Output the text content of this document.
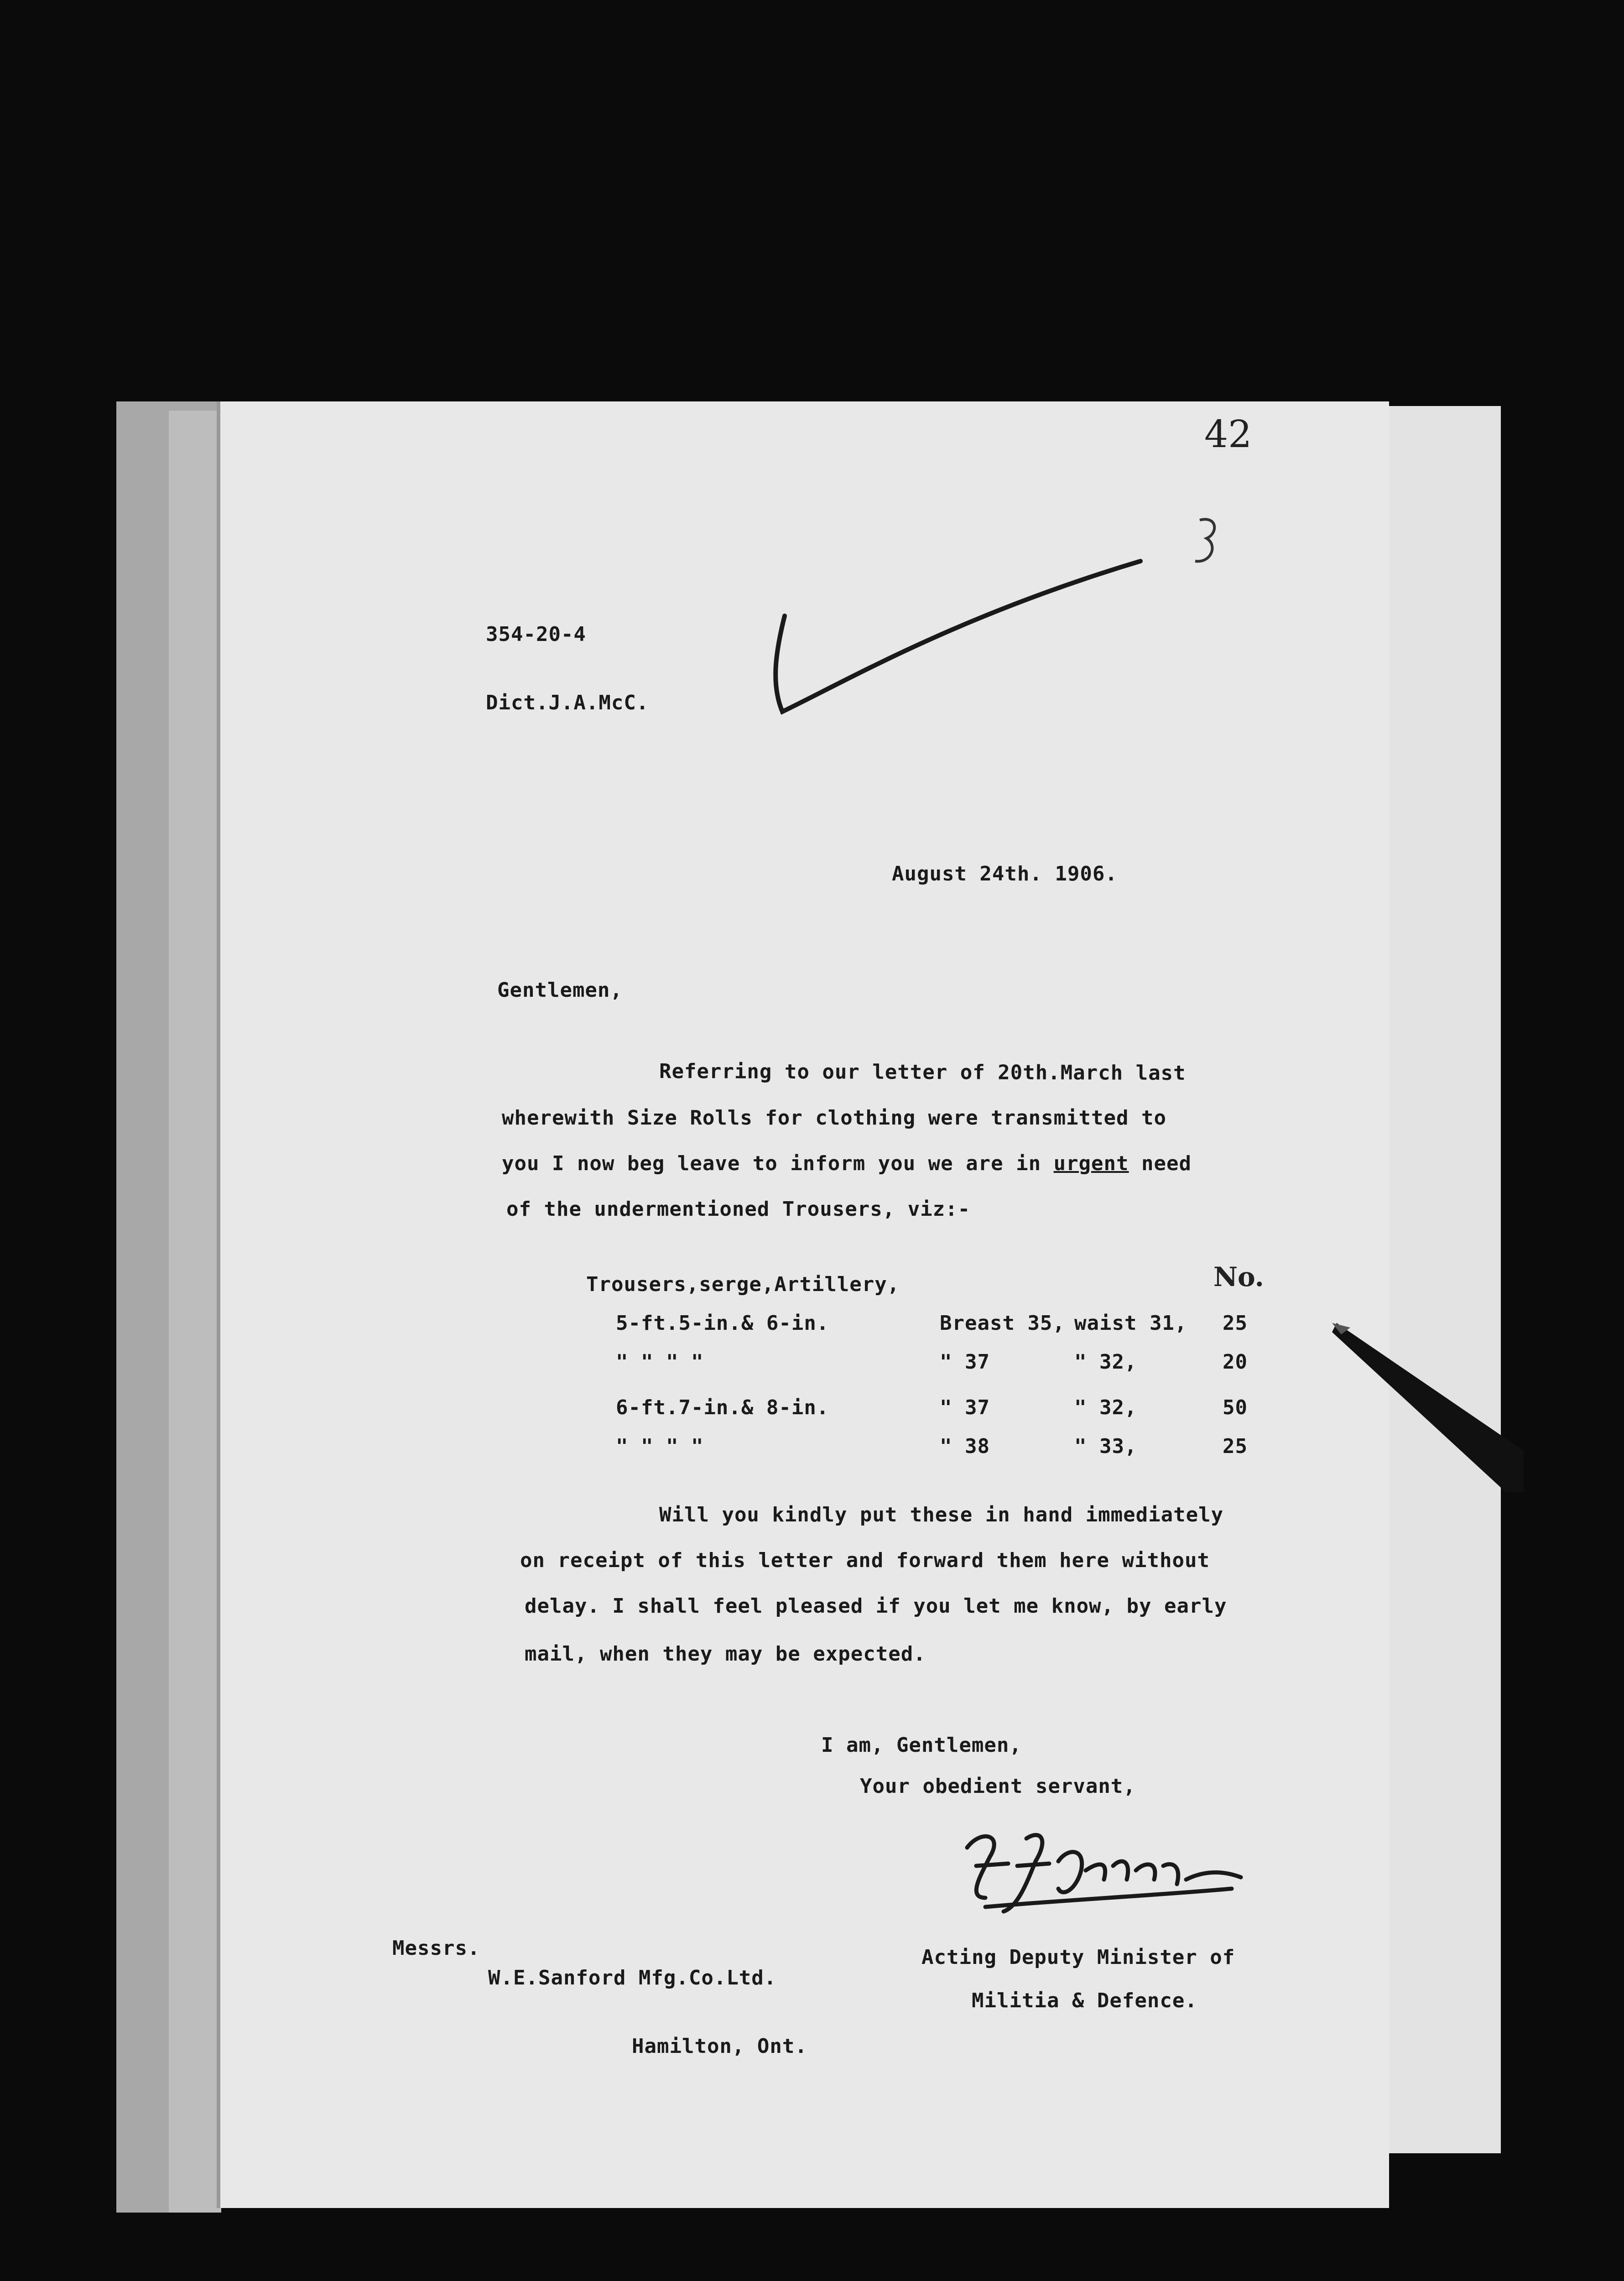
42
354-20-4
Dict.J.A.McC.
August 24th. 1906.
Gentlemen,
Referring to our letter of 20th.March last
wherewith Size Rolls for clothing were transmitted to
you I now beg leave to inform you we are in urgent need
of the undermentioned Trousers, viz:-
Trousers,serge,Artillery,	No.
5-ft.5-in.& 6-in.	Breast 35, waist 31, 25
" " " "	" 37	" 32,	20
6-ft.7-in.& 8-in.	" 37	" 32,	50
" " " "	" 38	" 33,	25
Will you kindly put these in hand immediately
on receipt of this letter and forward them here without
delay. I shall feel pleased if you let me know, by early
mail, when they may be expected.
I am, Gentlemen,
Your obedient servant,
Messrs.
W.E.Sanford Mfg.Co.Ltd.
Hamilton, Ont.
Acting Deputy Minister of
Militia & Defence.
